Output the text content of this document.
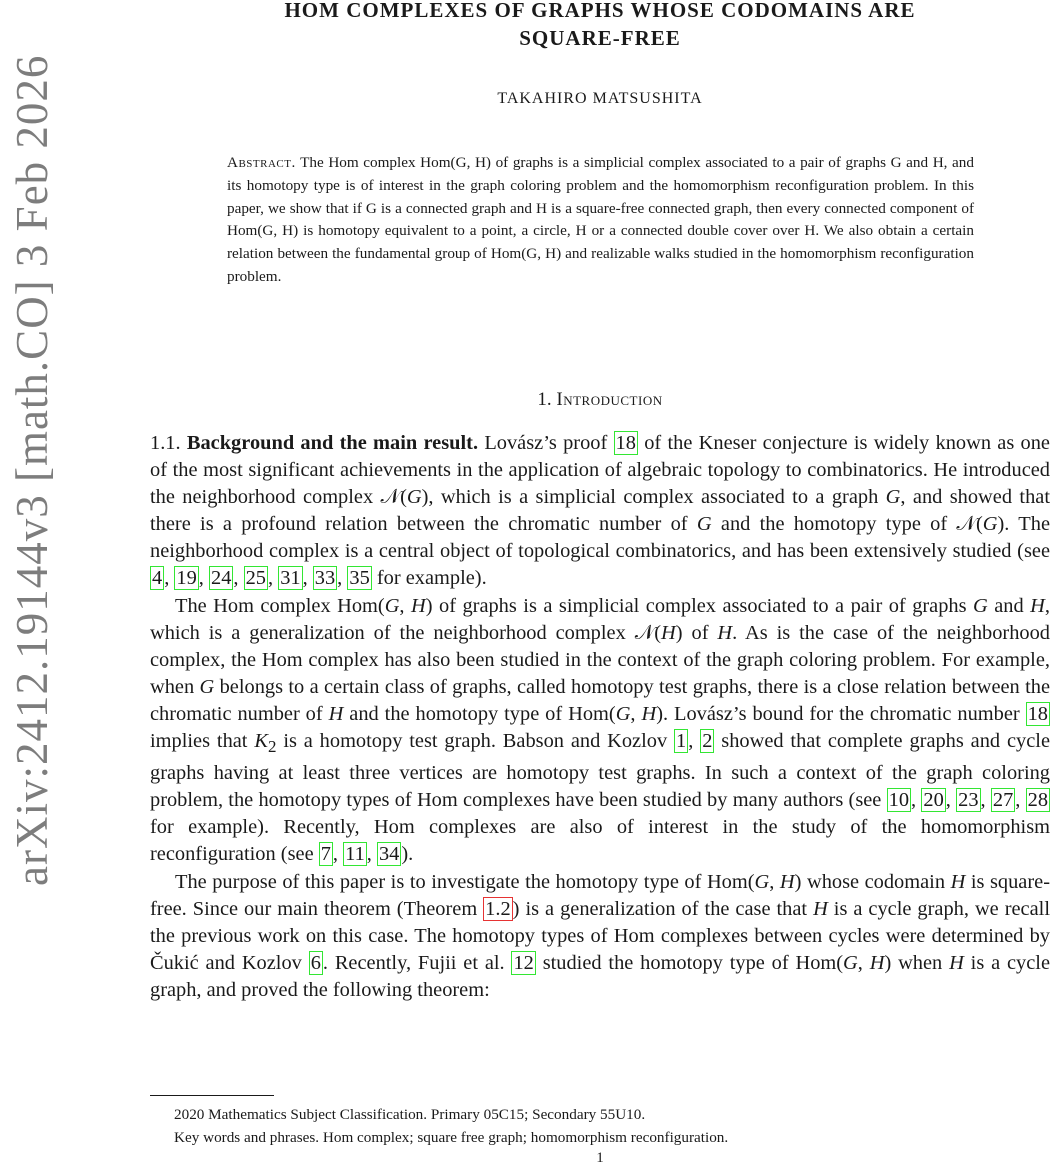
arXiv:2412.19144v3 [math.CO] 3 Feb 2026
HOM COMPLEXES OF GRAPHS WHOSE CODOMAINS ARE
SQUARE-FREE
TAKAHIRO MATSUSHITA

Abstract. The Hom complex Hom(G, H) of graphs is a simplicial complex associated to a pair of graphs G and H, and its homotopy type is of interest in the graph coloring problem and the homomorphism reconfiguration problem. In this paper, we show that if G is a connected graph and H is a square-free connected graph, then every connected component of Hom(G, H) is homotopy equivalent to a point, a circle, H or a connected double cover over H. We also obtain a certain relation between the fundamental group of Hom(G, H) and realizable walks studied in the homomorphism reconfiguration problem.

1. Introduction

1.1. Background and the main result. Lovász’s proof 18 of the Kneser conjecture is widely known as one of the most significant achievements in the application of algebraic topology to combinatorics. He introduced the neighborhood complex 𝒩(G), which is a simplicial complex associated to a graph G, and showed that there is a profound relation between the chromatic number of G and the homotopy type of 𝒩(G). The neighborhood complex is a central object of topological combinatorics, and has been extensively studied (see 4, 19, 24, 25, 31, 33, 35 for example).

The Hom complex Hom(G, H) of graphs is a simplicial complex associated to a pair of graphs G and H, which is a generalization of the neighborhood complex 𝒩(H) of H. As is the case of the neighborhood complex, the Hom complex has also been studied in the context of the graph coloring problem. For example, when G belongs to a certain class of graphs, called homotopy test graphs, there is a close relation between the chromatic number of H and the homotopy type of Hom(G, H). Lovász’s bound for the chromatic number 18 implies that $K_2$ is a homotopy test graph. Babson and Kozlov 1, 2 showed that complete graphs and cycle graphs having at least three vertices are homotopy test graphs. In such a context of the graph coloring problem, the homotopy types of Hom complexes have been studied by many authors (see 10, 20, 23, 27, 28 for example). Recently, Hom complexes are also of interest in the study of the homomorphism reconfiguration (see 7, 11, 34).

The purpose of this paper is to investigate the homotopy type of Hom(G, H) whose codomain H is square-free. Since our main theorem (Theorem 1.2) is a generalization of the case that H is a cycle graph, we recall the previous work on this case. The homotopy types of Hom complexes between cycles were determined by Čukić and Kozlov 6. Recently, Fujii et al. 12 studied the homotopy type of Hom(G, H) when H is a cycle graph, and proved the following theorem:

2020 Mathematics Subject Classification. Primary 05C15; Secondary 55U10.
Key words and phrases. Hom complex; square free graph; homomorphism reconfiguration.
1
